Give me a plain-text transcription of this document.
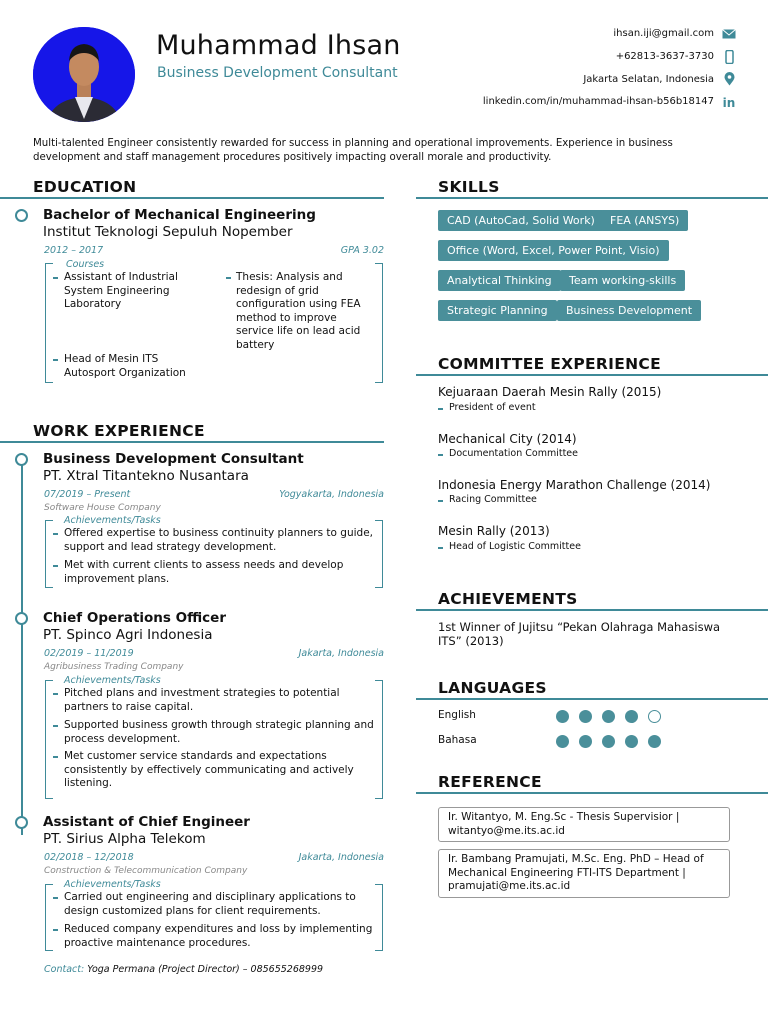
Muhammad Ihsan
Business Development Consultant
ihsan.iji@gmail.com
+62813-3637-3730
Jakarta Selatan, Indonesia
linkedin.com/in/muhammad-ihsan-b56b18147 in
Multi-talented Engineer consistently rewarded for success in planning and operational improvements. Experience in business development and staff management procedures positively impacting overall morale and productivity.
EDUCATION
Bachelor of Mechanical Engineering
Institut Teknologi Sepuluh Nopember
2012 – 2017	GPA 3.02
Courses
Assistant of Industrial System Engineering Laboratory
Thesis: Analysis and redesign of grid configuration using FEA method to improve service life on lead acid battery
Head of Mesin ITS Autosport Organization
WORK EXPERIENCE
Business Development Consultant
PT. Xtral Titantekno Nusantara
07/2019 – Present	Yogyakarta, Indonesia
Software House Company
Achievements/Tasks
Offered expertise to business continuity planners to guide, support and lead strategy development.
Met with current clients to assess needs and develop improvement plans.
Chief Operations Officer
PT. Spinco Agri Indonesia
02/2019 – 11/2019	Jakarta, Indonesia
Agribusiness Trading Company
Achievements/Tasks
Pitched plans and investment strategies to potential partners to raise capital.
Supported business growth through strategic planning and process development.
Met customer service standards and expectations consistently by effectively communicating and actively listening.
Assistant of Chief Engineer
PT. Sirius Alpha Telekom
02/2018 – 12/2018	Jakarta, Indonesia
Construction & Telecommunication Company
Achievements/Tasks
Carried out engineering and disciplinary applications to design customized plans for client requirements.
Reduced company expenditures and loss by implementing proactive maintenance procedures.
Contact: Yoga Permana (Project Director) – 085655268999
SKILLS
CAD (AutoCad, Solid Work)	FEA (ANSYS)
Office (Word, Excel, Power Point, Visio)
Analytical Thinking	Team working-skills
Strategic Planning	Business Development
COMMITTEE EXPERIENCE
Kejuaraan Daerah Mesin Rally (2015)
President of event
Mechanical City (2014)
Documentation Committee
Indonesia Energy Marathon Challenge (2014)
Racing Committee
Mesin Rally (2013)
Head of Logistic Committee
ACHIEVEMENTS
1st Winner of Jujitsu “Pekan Olahraga Mahasiswa ITS” (2013)
LANGUAGES
English
Bahasa
REFERENCE
Ir. Witantyo, M. Eng.Sc - Thesis Supervisior | witantyo@me.its.ac.id
Ir. Bambang Pramujati, M.Sc. Eng. PhD – Head of Mechanical Engineering FTI-ITS Department | pramujati@me.its.ac.id
